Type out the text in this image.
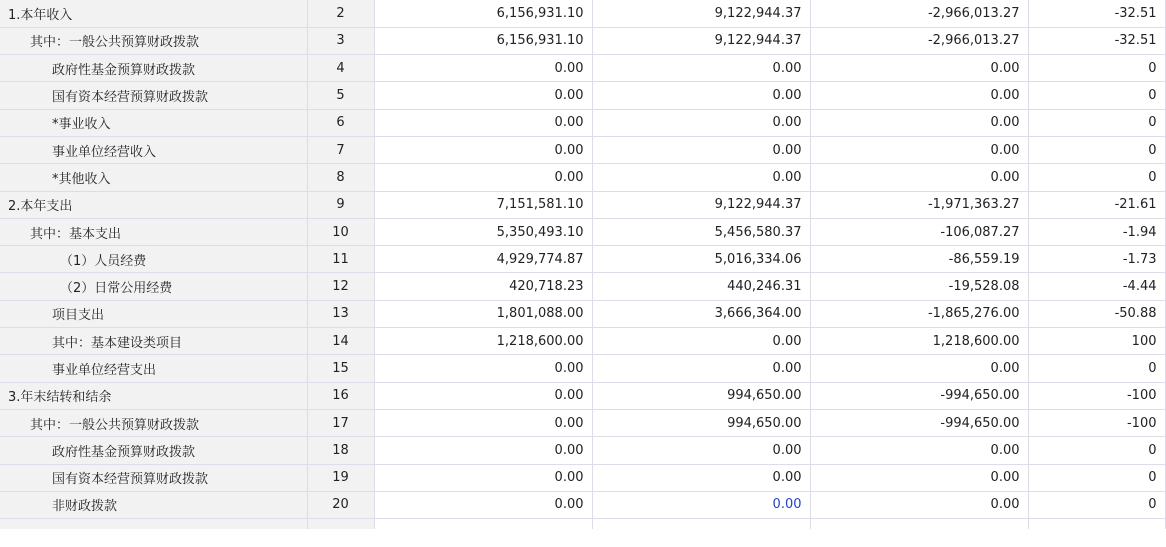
1.本年收入	2	6,156,931.10	9,122,944.37	-2,966,013.27	-32.51	
其中：一般公共预算财政拨款	3	6,156,931.10	9,122,944.37	-2,966,013.27	-32.51	
政府性基金预算财政拨款	4	0.00	0.00	0.00	0	
国有资本经营预算财政拨款	5	0.00	0.00	0.00	0	
*事业收入	6	0.00	0.00	0.00	0	
事业单位经营收入	7	0.00	0.00	0.00	0	
*其他收入	8	0.00	0.00	0.00	0	
2.本年支出	9	7,151,581.10	9,122,944.37	-1,971,363.27	-21.61	
其中：基本支出	10	5,350,493.10	5,456,580.37	-106,087.27	-1.94	
（1）人员经费	11	4,929,774.87	5,016,334.06	-86,559.19	-1.73	
（2）日常公用经费	12	420,718.23	440,246.31	-19,528.08	-4.44	
项目支出	13	1,801,088.00	3,666,364.00	-1,865,276.00	-50.88	
其中：基本建设类项目	14	1,218,600.00	0.00	1,218,600.00	100	
事业单位经营支出	15	0.00	0.00	0.00	0	
3.年末结转和结余	16	0.00	994,650.00	-994,650.00	-100	
其中：一般公共预算财政拨款	17	0.00	994,650.00	-994,650.00	-100	
政府性基金预算财政拨款	18	0.00	0.00	0.00	0	
国有资本经营预算财政拨款	19	0.00	0.00	0.00	0	
非财政拨款	20	0.00	0.00	0.00	0	
